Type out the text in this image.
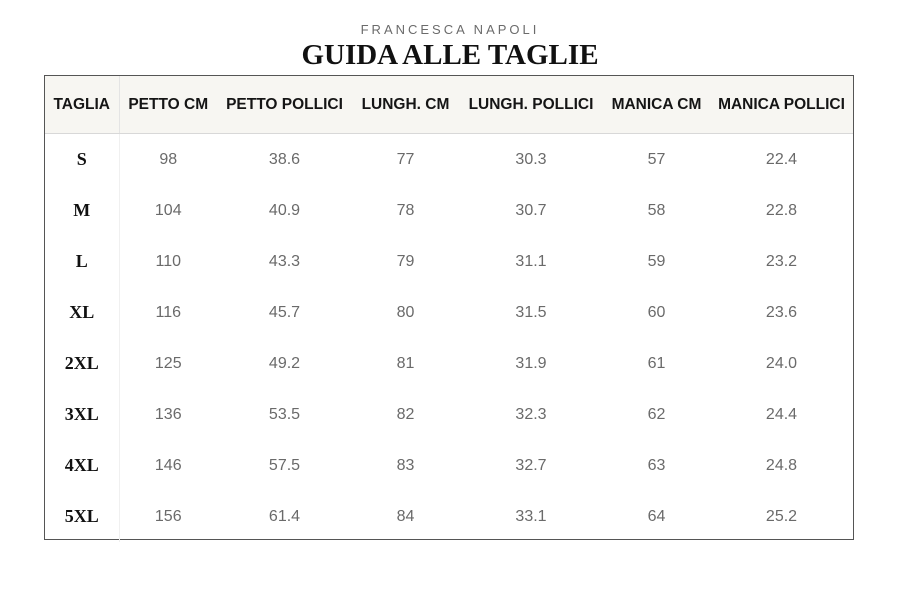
FRANCESCA NAPOLI
GUIDA ALLE TAGLIE
TAGLIA	PETTO CM	PETTO POLLICI	LUNGH. CM	LUNGH. POLLICI	MANICA CM	MANICA POLLICI
S	98	38.6	77	30.3	57	22.4
M	104	40.9	78	30.7	58	22.8
L	110	43.3	79	31.1	59	23.2
XL	116	45.7	80	31.5	60	23.6
2XL	125	49.2	81	31.9	61	24.0
3XL	136	53.5	82	32.3	62	24.4
4XL	146	57.5	83	32.7	63	24.8
5XL	156	61.4	84	33.1	64	25.2
